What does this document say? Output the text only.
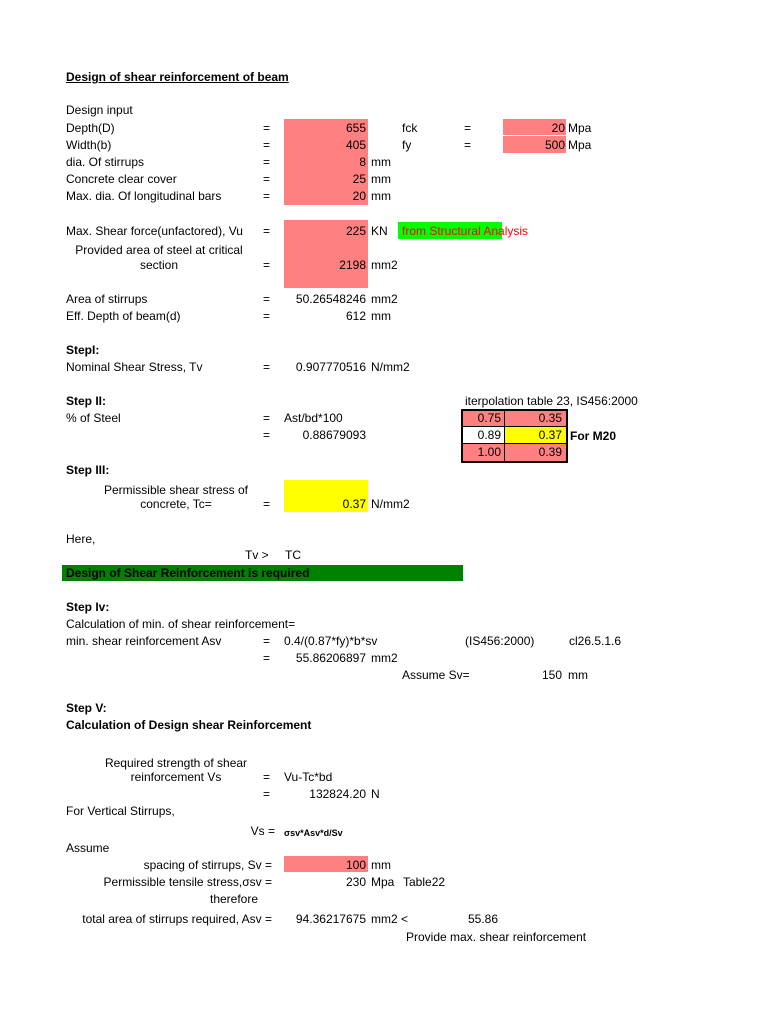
Design of shear reinforcement of beam
Design input
Depth(D)	=	655
Width(b)	=	405
dia. Of stirrups	=	8 mm
Concrete clear cover	=	25 mm
Max. dia. Of longitudinal bars	=	20 mm
fck	=	20 Mpa
fy	=	500 Mpa
Max. Shear force(unfactored), Vu =	225 KN from Structural Analysis
Provided area of steel at critical
section	=	2198 mm2
Area of stirrups	=	50.26548246 mm2
Eff. Depth of beam(d)	=	612 mm
StepI:
Nominal Shear Stress, Tv	=	0.907770516 N/mm2
Step II:
% of Steel	= Ast/bd*100
=	0.88679093
iterpolation table 23, IS456:2000
0.75	0.35
0.89	0.37
1.00	0.39
For M20
Step III:
Permissible shear stress of
concrete, Tc=	=	0.37 N/mm2
Here,
Tv > TC
Design of Shear Reinforcement is required
Step Iv:
Calculation of min. of shear reinforcement=
min. shear reinforcement Asv	= 0.4/(0.87*fy)*b*sv	(IS456:2000)	cl26.5.1.6
=	55.86206897 mm2
Assume Sv=	150 mm
Step V:
Calculation of Design shear Reinforcement
Required strength of shear
reinforcement Vs	= Vu-Tc*bd
=	132824.20 N
For Vertical Stirrups,
Vs = σsv*Asv*d/Sv
Assume
spacing of stirrups, Sv =	100 mm
Permissible tensile stress,σsv =	230 Mpa Table22
therefore
total area of stirrups required, Asv =	94.36217675 mm2 <	55.86
Provide max. shear reinforcement
